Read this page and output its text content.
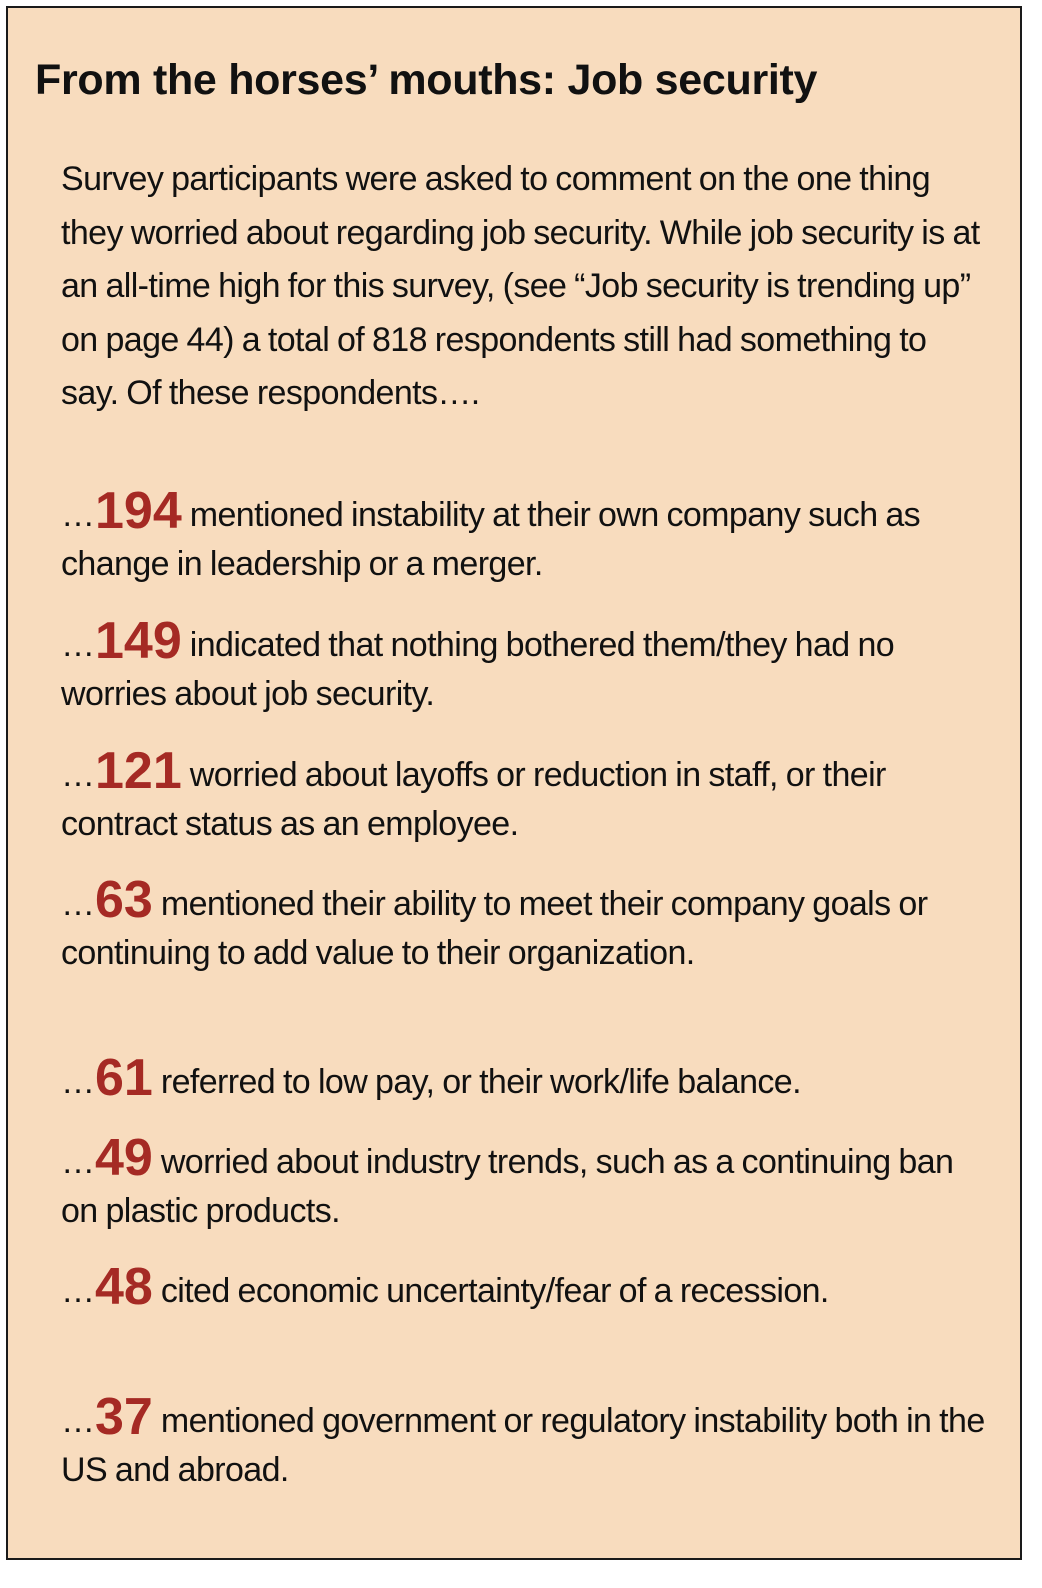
From the horses’ mouths: Job security
Survey participants were asked to comment on the one thing they worried about regarding job security. While job security is at an all-time high for this survey, (see “Job security is trending up” on page 44) a total of 818 respondents still had something to say. Of these respondents….
…194 mentioned instability at their own company such as change in leadership or a merger.
…149 indicated that nothing bothered them/they had no worries about job security.
…121 worried about layoffs or reduction in staff, or their contract status as an employee.
…63 mentioned their ability to meet their company goals or continuing to add value to their organization.
…61 referred to low pay, or their work/life balance.
…49 worried about industry trends, such as a continuing ban on plastic products.
…48 cited economic uncertainty/fear of a recession.
…37 mentioned government or regulatory instability both in the US and abroad.
